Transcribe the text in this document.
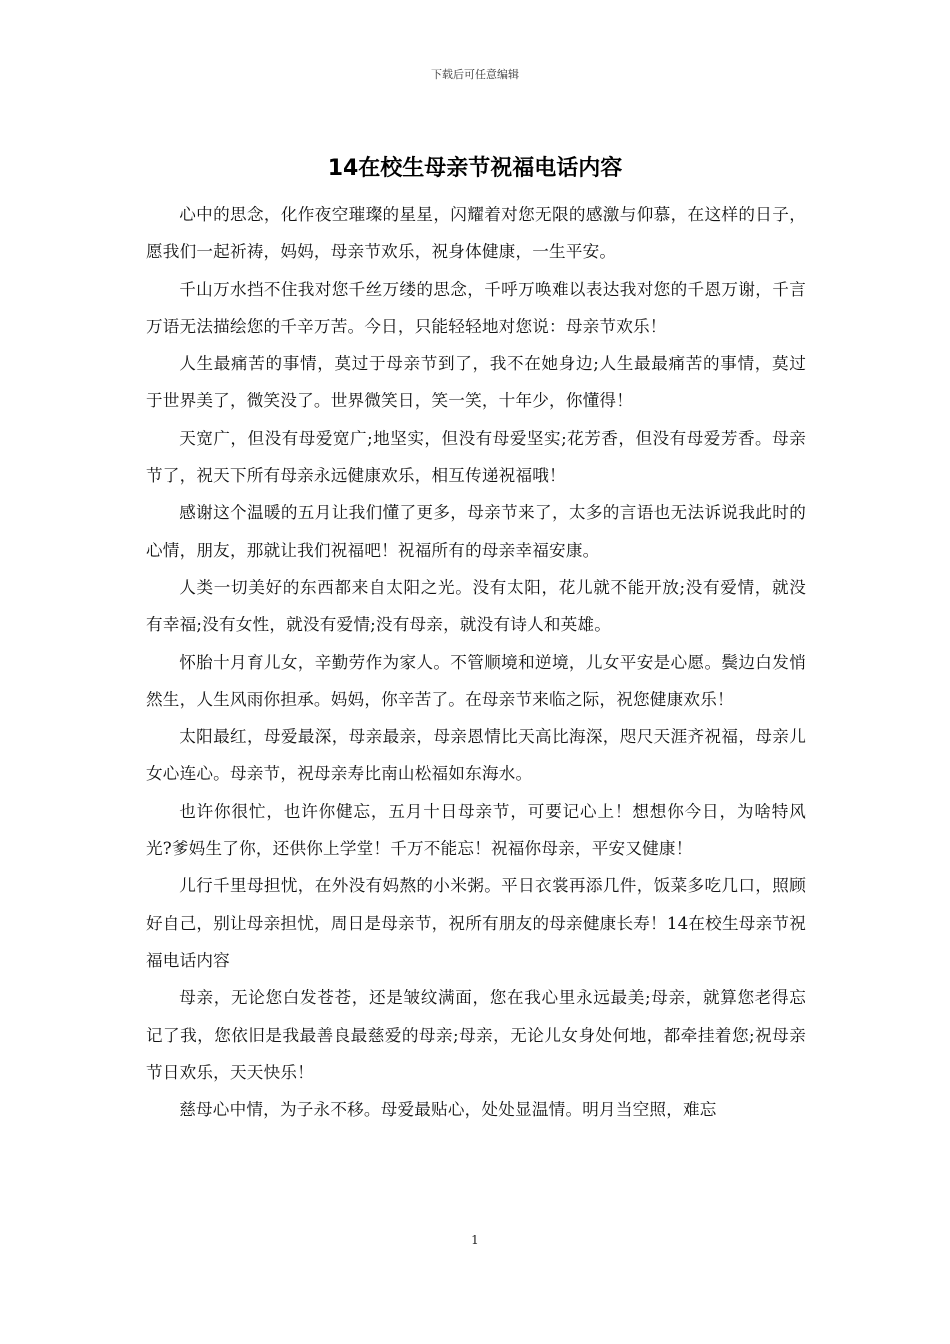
下载后可任意编辑
14在校生母亲节祝福电话内容

心中的思念，化作夜空璀璨的星星，闪耀着对您无限的感激与仰慕，在这样的日子，愿我们一起祈祷，妈妈，母亲节欢乐，祝身体健康，一生平安。

千山万水挡不住我对您千丝万缕的思念，千呼万唤难以表达我对您的千恩万谢，千言万语无法描绘您的千辛万苦。今日，只能轻轻地对您说：母亲节欢乐！

人生最痛苦的事情，莫过于母亲节到了，我不在她身边;人生最最痛苦的事情，莫过于世界美了，微笑没了。世界微笑日，笑一笑，十年少，你懂得！

天宽广，但没有母爱宽广;地坚实，但没有母爱坚实;花芳香，但没有母爱芳香。母亲节了，祝天下所有母亲永远健康欢乐，相互传递祝福哦！

感谢这个温暖的五月让我们懂了更多，母亲节来了，太多的言语也无法诉说我此时的心情，朋友，那就让我们祝福吧！祝福所有的母亲幸福安康。

人类一切美好的东西都来自太阳之光。没有太阳，花儿就不能开放;没有爱情，就没有幸福;没有女性，就没有爱情;没有母亲，就没有诗人和英雄。

怀胎十月育儿女，辛勤劳作为家人。不管顺境和逆境，儿女平安是心愿。鬓边白发悄然生，人生风雨你担承。妈妈，你辛苦了。在母亲节来临之际，祝您健康欢乐！

太阳最红，母爱最深，母亲最亲，母亲恩情比天高比海深，咫尺天涯齐祝福，母亲儿女心连心。母亲节，祝母亲寿比南山松福如东海水。

也许你很忙，也许你健忘，五月十日母亲节，可要记心上！想想你今日，为啥特风光?爹妈生了你，还供你上学堂！千万不能忘！祝福你母亲，平安又健康！

儿行千里母担忧，在外没有妈熬的小米粥。平日衣裳再添几件，饭菜多吃几口，照顾好自己，别让母亲担忧，周日是母亲节，祝所有朋友的母亲健康长寿！14在校生母亲节祝福电话内容

母亲，无论您白发苍苍，还是皱纹满面，您在我心里永远最美;母亲，就算您老得忘记了我，您依旧是我最善良最慈爱的母亲;母亲，无论儿女身处何地，都牵挂着您;祝母亲节日欢乐，天天快乐！

慈母心中情，为子永不移。母爱最贴心，处处显温情。明月当空照，难忘

1
